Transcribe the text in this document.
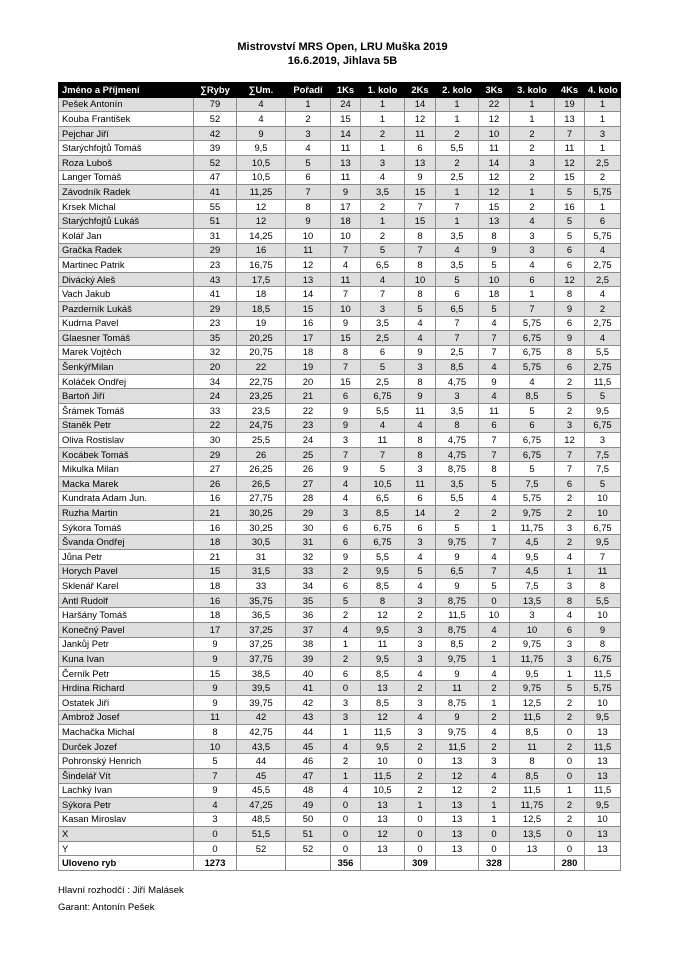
Mistrovství MRS Open, LRU Muška 2019
16.6.2019, Jihlava 5B
Jméno a Příjmení	∑Ryby	∑Um.	Pořadí	1Ks	1. kolo	2Ks	2. kolo	3Ks	3. kolo	4Ks	4. kolo
Pešek Antonín	79	4	1	24	1	14	1	22	1	19	1
Kouba František	52	4	2	15	1	12	1	12	1	13	1
Pejchar Jiří	42	9	3	14	2	11	2	10	2	7	3
Starýchfojtů Tomáš	39	9,5	4	11	1	6	5,5	11	2	11	1
Roza Luboš	52	10,5	5	13	3	13	2	14	3	12	2,5
Langer Tomáš	47	10,5	6	11	4	9	2,5	12	2	15	2
Závodník Radek	41	11,25	7	9	3,5	15	1	12	1	5	5,75
Krsek Michal	55	12	8	17	2	7	7	15	2	16	1
Starýchfojtů Lukáš	51	12	9	18	1	15	1	13	4	5	6
Kolář Jan	31	14,25	10	10	2	8	3,5	8	3	5	5,75
Gračka Radek	29	16	11	7	5	7	4	9	3	6	4
Martinec Patrik	23	16,75	12	4	6,5	8	3,5	5	4	6	2,75
Divácký Aleš	43	17,5	13	11	4	10	5	10	6	12	2,5
Vach Jakub	41	18	14	7	7	8	6	18	1	8	4
Pazderník Lukáš	29	18,5	15	10	3	5	6,5	5	7	9	2
Kudrna Pavel	23	19	16	9	3,5	4	7	4	5,75	6	2,75
Glaesner Tomáš	35	20,25	17	15	2,5	4	7	7	6,75	9	4
Marek Vojtěch	32	20,75	18	8	6	9	2,5	7	6,75	8	5,5
ŠenkýřMilan	20	22	19	7	5	3	8,5	4	5,75	6	2,75
Koláček Ondřej	34	22,75	20	15	2,5	8	4,75	9	4	2	11,5
Bartoň Jiří	24	23,25	21	6	6,75	9	3	4	8,5	5	5
Šrámek Tomáš	33	23,5	22	9	5,5	11	3,5	11	5	2	9,5
Staněk Petr	22	24,75	23	9	4	4	8	6	6	3	6,75
Oliva Rostislav	30	25,5	24	3	11	8	4,75	7	6,75	12	3
Kocábek Tomáš	29	26	25	7	7	8	4,75	7	6,75	7	7,5
Mikulka Milan	27	26,25	26	9	5	3	8,75	8	5	7	7,5
Macka Marek	26	26,5	27	4	10,5	11	3,5	5	7,5	6	5
Kundrata Adam Jun.	16	27,75	28	4	6,5	6	5,5	4	5,75	2	10
Ruzha Martin	21	30,25	29	3	8,5	14	2	2	9,75	2	10
Sýkora Tomáš	16	30,25	30	6	6,75	6	5	1	11,75	3	6,75
Švanda Ondřej	18	30,5	31	6	6,75	3	9,75	7	4,5	2	9,5
Jůna Petr	21	31	32	9	5,5	4	9	4	9,5	4	7
Horych Pavel	15	31,5	33	2	9,5	5	6,5	7	4,5	1	11
Sklenář Karel	18	33	34	6	8,5	4	9	5	7,5	3	8
Antl Rudolf	16	35,75	35	5	8	3	8,75	0	13,5	8	5,5
Haršány Tomáš	18	36,5	36	2	12	2	11,5	10	3	4	10
Konečný Pavel	17	37,25	37	4	9,5	3	8,75	4	10	6	9
Jankůj Petr	9	37,25	38	1	11	3	8,5	2	9,75	3	8
Kuna Ivan	9	37,75	39	2	9,5	3	9,75	1	11,75	3	6,75
Černík Petr	15	38,5	40	6	8,5	4	9	4	9,5	1	11,5
Hrdina Richard	9	39,5	41	0	13	2	11	2	9,75	5	5,75
Ostatek Jiří	9	39,75	42	3	8,5	3	8,75	1	12,5	2	10
Ambrož Josef	11	42	43	3	12	4	9	2	11,5	2	9,5
Machačka Michal	8	42,75	44	1	11,5	3	9,75	4	8,5	0	13
Durček Jozef	10	43,5	45	4	9,5	2	11,5	2	11	2	11,5
Pohronský Henrich	5	44	46	2	10	0	13	3	8	0	13
Šindelář Vít	7	45	47	1	11,5	2	12	4	8,5	0	13
Lachký Ivan	9	45,5	48	4	10,5	2	12	2	11,5	1	11,5
Sýkora Petr	4	47,25	49	0	13	1	13	1	11,75	2	9,5
Kasan Miroslav	3	48,5	50	0	13	0	13	1	12,5	2	10
X	0	51,5	51	0	12	0	13	0	13,5	0	13
Y	0	52	52	0	13	0	13	0	13	0	13
Uloveno ryb	1273			356		309		328		280	
Hlavní rozhodčí : Jiří Malásek
Garant: Antonín Pešek
